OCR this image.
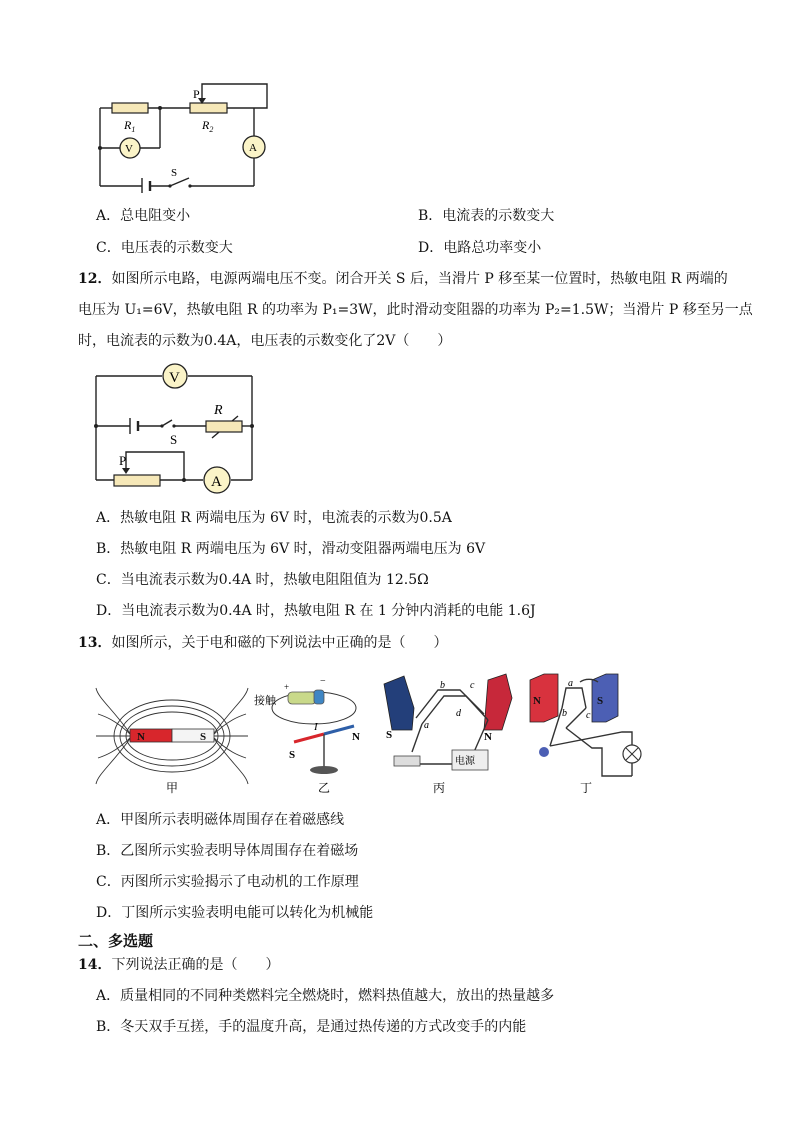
P
$R_1$	$R_2$
V	A
S
A．总电阻变小	B．电流表的示数变大
C．电压表的示数变大	D．电路总功率变小
12．如图所示电路，电源两端电压不变。闭合开关 S 后，当滑片 P 移至某一位置时，热敏电阻 R 两端的
电压为 U₁=6V，热敏电阻 R 的功率为 P₁=3W，此时滑动变阻器的功率为 P₂=1.5W；当滑片 P 移至另一点
时，电流表的示数为0.4A，电压表的示数变化了2V（　　）
V
R
S
P
A
A．热敏电阻 R 两端电压为 6V 时，电流表的示数为0.5A
B．热敏电阻 R 两端电压为 6V 时，滑动变阻器两端电压为 6V
C．当电流表示数为0.4A 时，热敏电阻阻值为 12.5Ω
D．当电流表示数为0.4A 时，热敏电阻 R 在 1 分钟内消耗的电能 1.6J
13．如图所示，关于电和磁的下列说法中正确的是（　　）
N	S
甲
接触
+	−
I
S
N
乙
电源
b	c
a
d
S	N
丙
N	S
a
b c
丁
A．甲图所示表明磁体周围存在着磁感线
B．乙图所示实验表明导体周围存在着磁场
C．丙图所示实验揭示了电动机的工作原理
D．丁图所示实验表明电能可以转化为机械能
二、多选题
14．下列说法正确的是（　　）
A．质量相同的不同种类燃料完全燃烧时，燃料热值越大，放出的热量越多
B．冬天双手互搓，手的温度升高，是通过热传递的方式改变手的内能
